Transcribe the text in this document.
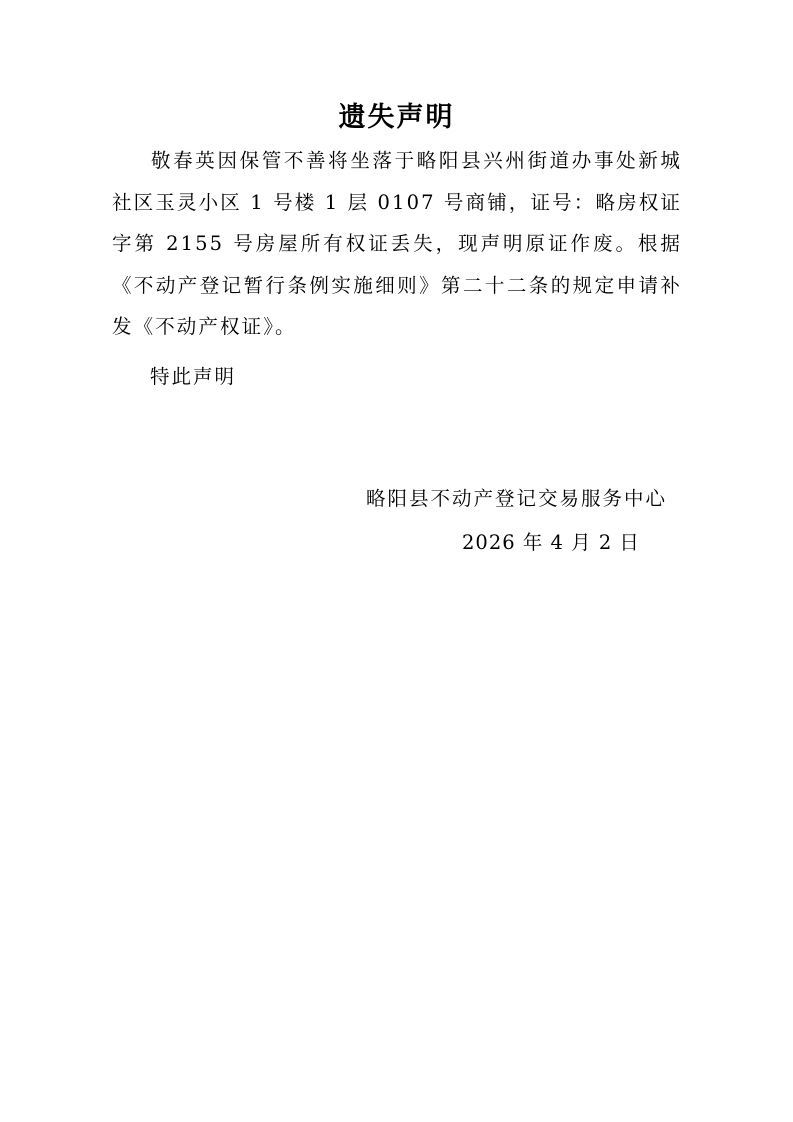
遗失声明

敬春英因保管不善将坐落于略阳县兴州街道办事处新城社区玉灵小区 1 号楼 1 层 0107 号商铺，证号：略房权证字第 2155 号房屋所有权证丢失，现声明原证作废。根据《不动产登记暂行条例实施细则》第二十二条的规定申请补发《不动产权证》。

特此声明
略阳县不动产登记交易服务中心
2026 年 4 月 2 日
